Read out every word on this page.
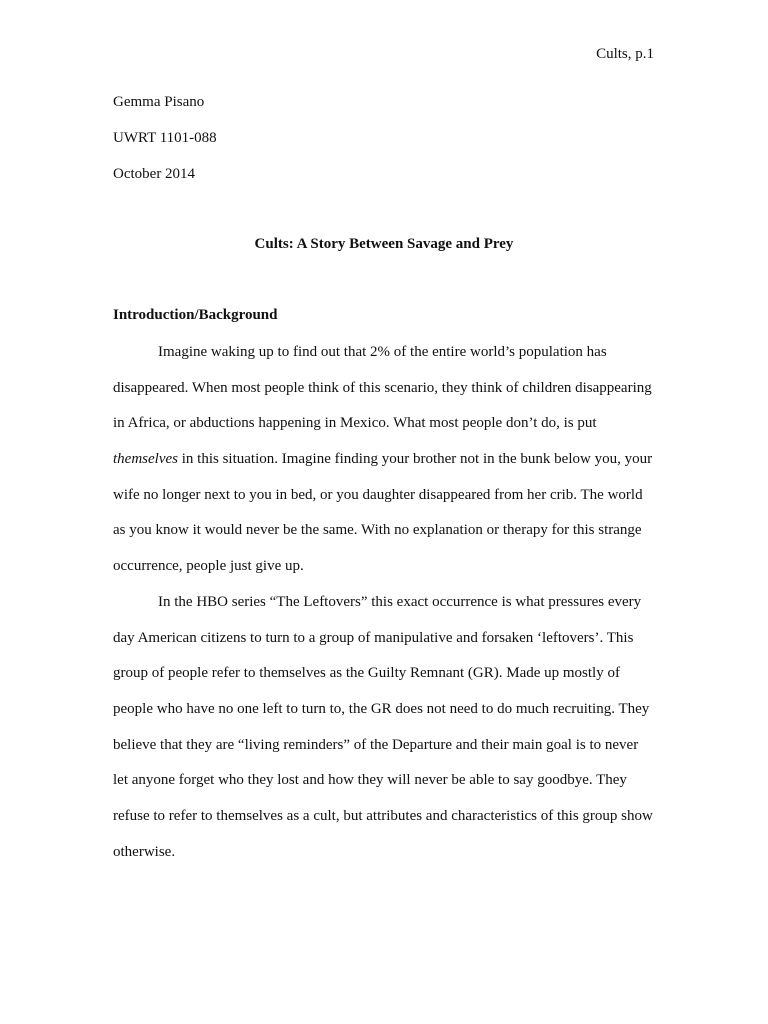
Cults, p.1
Gemma Pisano
UWRT 1101-088
October 2014
Cults: A Story Between Savage and Prey
Introduction/Background
Imagine waking up to find out that 2% of the entire world’s population has
disappeared. When most people think of this scenario, they think of children disappearing
in Africa, or abductions happening in Mexico. What most people don’t do, is put
themselves in this situation. Imagine finding your brother not in the bunk below you, your
wife no longer next to you in bed, or you daughter disappeared from her crib. The world
as you know it would never be the same. With no explanation or therapy for this strange
occurrence, people just give up.
In the HBO series “The Leftovers” this exact occurrence is what pressures every
day American citizens to turn to a group of manipulative and forsaken ‘leftovers’. This
group of people refer to themselves as the Guilty Remnant (GR). Made up mostly of
people who have no one left to turn to, the GR does not need to do much recruiting. They
believe that they are “living reminders” of the Departure and their main goal is to never
let anyone forget who they lost and how they will never be able to say goodbye. They
refuse to refer to themselves as a cult, but attributes and characteristics of this group show
otherwise.
